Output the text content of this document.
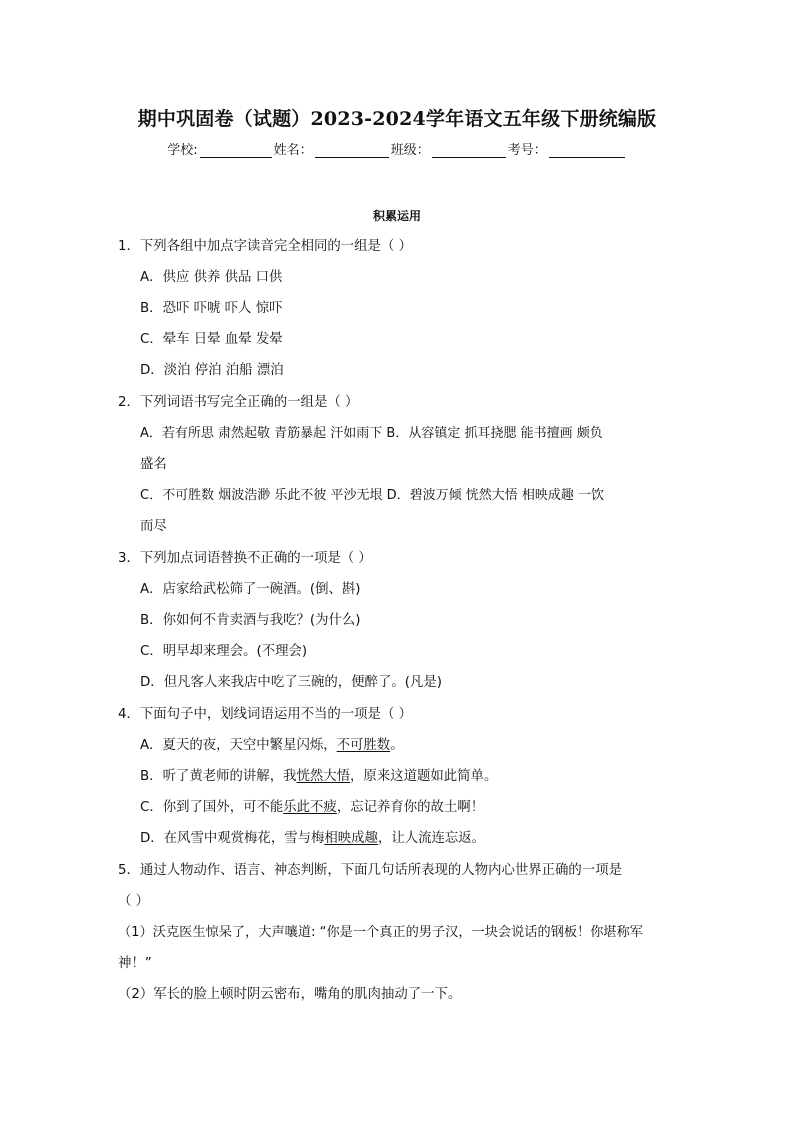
期中巩固卷（试题）2023-2024学年语文五年级下册统编版
学校:	姓名：	班级：	考号：
积累运用
1．下列各组中加点字读音完全相同的一组是（ ）
A．供应 供养 供品 口供
B．恐吓 吓唬 吓人 惊吓
C．晕车 日晕 血晕 发晕
D．淡泊 停泊 泊船 漂泊
2．下列词语书写完全正确的一组是（ ）
A．若有所思 肃然起敬 青筋暴起 汗如雨下 B．从容镇定 抓耳挠腮 能书擅画 颇负
盛名
C．不可胜数 烟波浩渺 乐此不彼 平沙无垠 D．碧波万倾 恍然大悟 相映成趣 一饮
而尽
3．下列加点词语替换不正确的一项是（ ）
A．店家给武松筛了一碗酒。(倒、斟)
B．你如何不肯卖酒与我吃？(为什么)
C．明早却来理会。(不理会)
D．但凡客人来我店中吃了三碗的，便醉了。(凡是)
4．下面句子中，划线词语运用不当的一项是（ ）
A．夏天的夜，天空中繁星闪烁，不可胜数。
B．听了黄老师的讲解，我恍然大悟，原来这道题如此简单。
C．你到了国外，可不能乐此不疲，忘记养育你的故土啊！
D．在风雪中观赏梅花，雪与梅相映成趣，让人流连忘返。
5．通过人物动作、语言、神态判断，下面几句话所表现的人物内心世界正确的一项是
（ ）
（1）沃克医生惊呆了，大声嚷道: “你是一个真正的男子汉，一块会说话的钢板！你堪称军
神！”
（2）军长的脸上顿时阴云密布，嘴角的肌肉抽动了一下。
